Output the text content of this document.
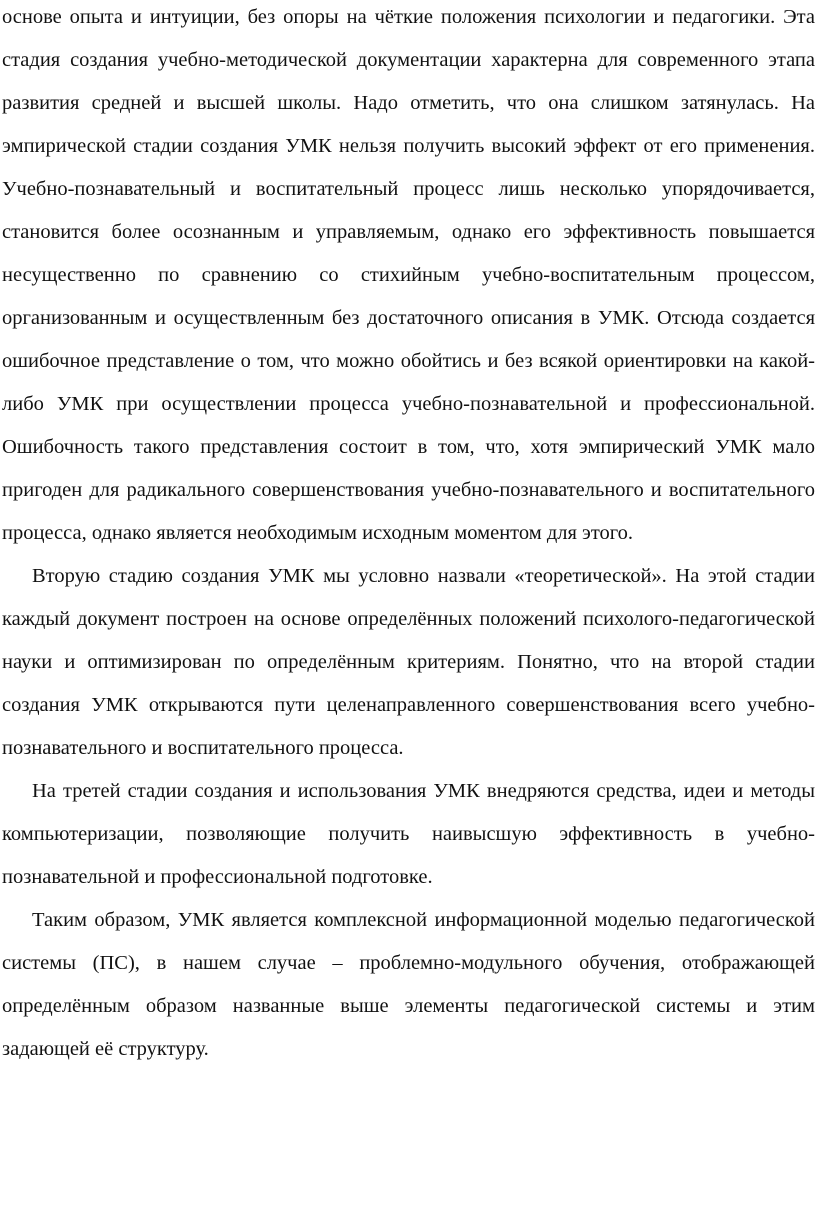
основе опыта и интуиции, без опоры на чёткие положения психологии и педагогики. Эта стадия создания учебно-методической документации характерна для современного этапа развития средней и высшей школы. Надо отметить, что она слишком затянулась. На эмпирической стадии создания УМК нельзя получить высокий эффект от его применения. Учебно-познавательный и воспитательный процесс лишь несколько упорядочивается, становится более осознанным и управляемым, однако его эффективность повышается несущественно по сравнению со стихийным учебно-воспитательным процессом, организованным и осуществленным без достаточного описания в УМК. Отсюда создается ошибочное представление о том, что можно обойтись и без всякой ориентировки на какой-либо УМК при осуществлении процесса учебно-познавательной и профессиональной. Ошибочность такого представления состоит в том, что, хотя эмпирический УМК мало пригоден для радикального совершенствования учебно-познавательного и воспитательного процесса, однако является необходимым исходным моментом для этого.

Вторую стадию создания УМК мы условно назвали «теоретической». На этой стадии каждый документ построен на основе определённых положений психолого-педагогической науки и оптимизирован по определённым критериям. Понятно, что на второй стадии создания УМК открываются пути целенаправленного совершенствования всего учебно-познавательного и воспитательного процесса.

На третей стадии создания и использования УМК внедряются средства, идеи и методы компьютеризации, позволяющие получить наивысшую эффективность в учебно-познавательной и профессиональной подготовке.

Таким образом, УМК является комплексной информационной моделью педагогической системы (ПС), в нашем случае – проблемно-модульного обучения, отображающей определённым образом названные выше элементы педагогической системы и этим задающей её структуру.
